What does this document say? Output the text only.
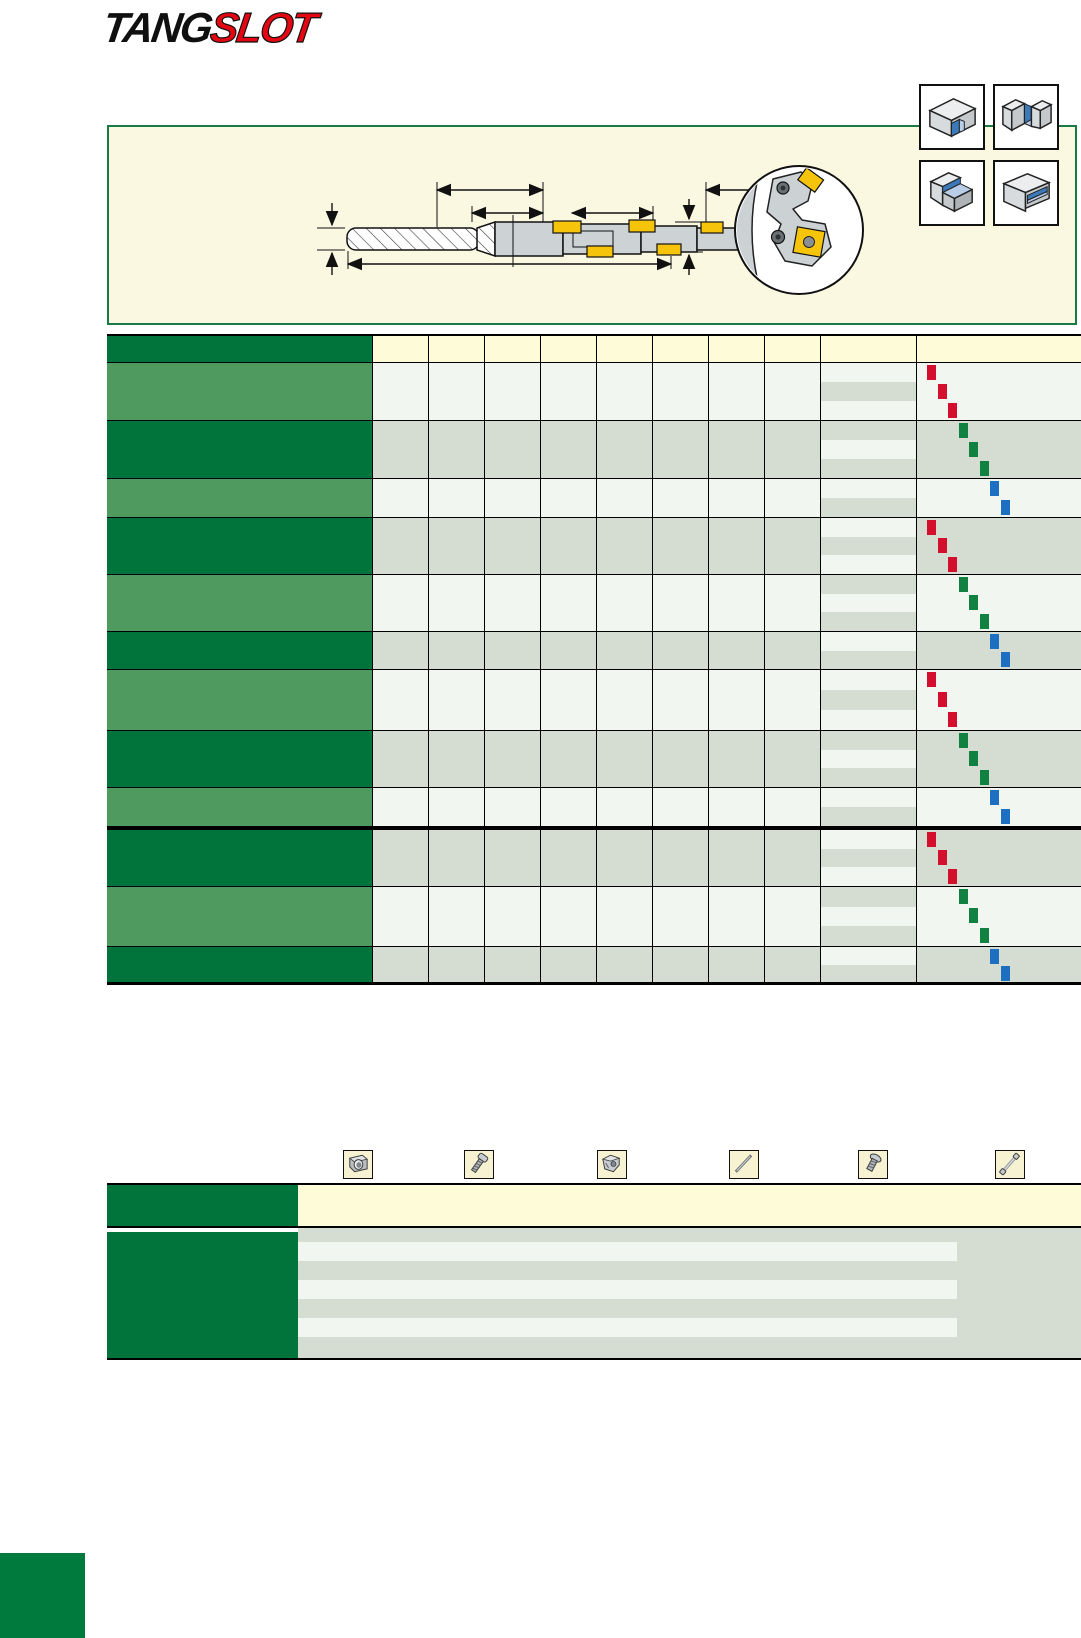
TANGSLOT
